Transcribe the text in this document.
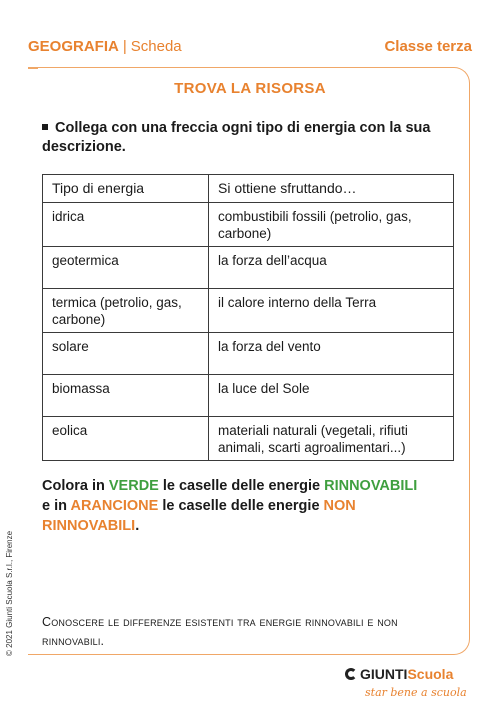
GEOGRAFIA | Scheda	Classe terza
TROVA LA RISORSA
Collega con una freccia ogni tipo di energia con la sua descrizione.
Tipo di energia	Si ottiene sfruttando…
idrica	combustibili fossili (petrolio, gas, carbone)
geotermica	la forza dell’acqua
termica (petrolio, gas, carbone)	il calore interno della Terra
solare	la forza del vento
biomassa	la luce del Sole
eolica	materiali naturali (vegetali, rifiuti animali, scarti agroalimentari...)
Colora in VERDE le caselle delle energie RINNOVABILI
e in ARANCIONE le caselle delle energie NON
RINNOVABILI.
Conoscere le differenze esistenti tra energie rinnovabili e non rinnovabili.
© 2021 Giunti Scuola S.r.l., Firenze
GIUNTIScuola
star bene a scuola
